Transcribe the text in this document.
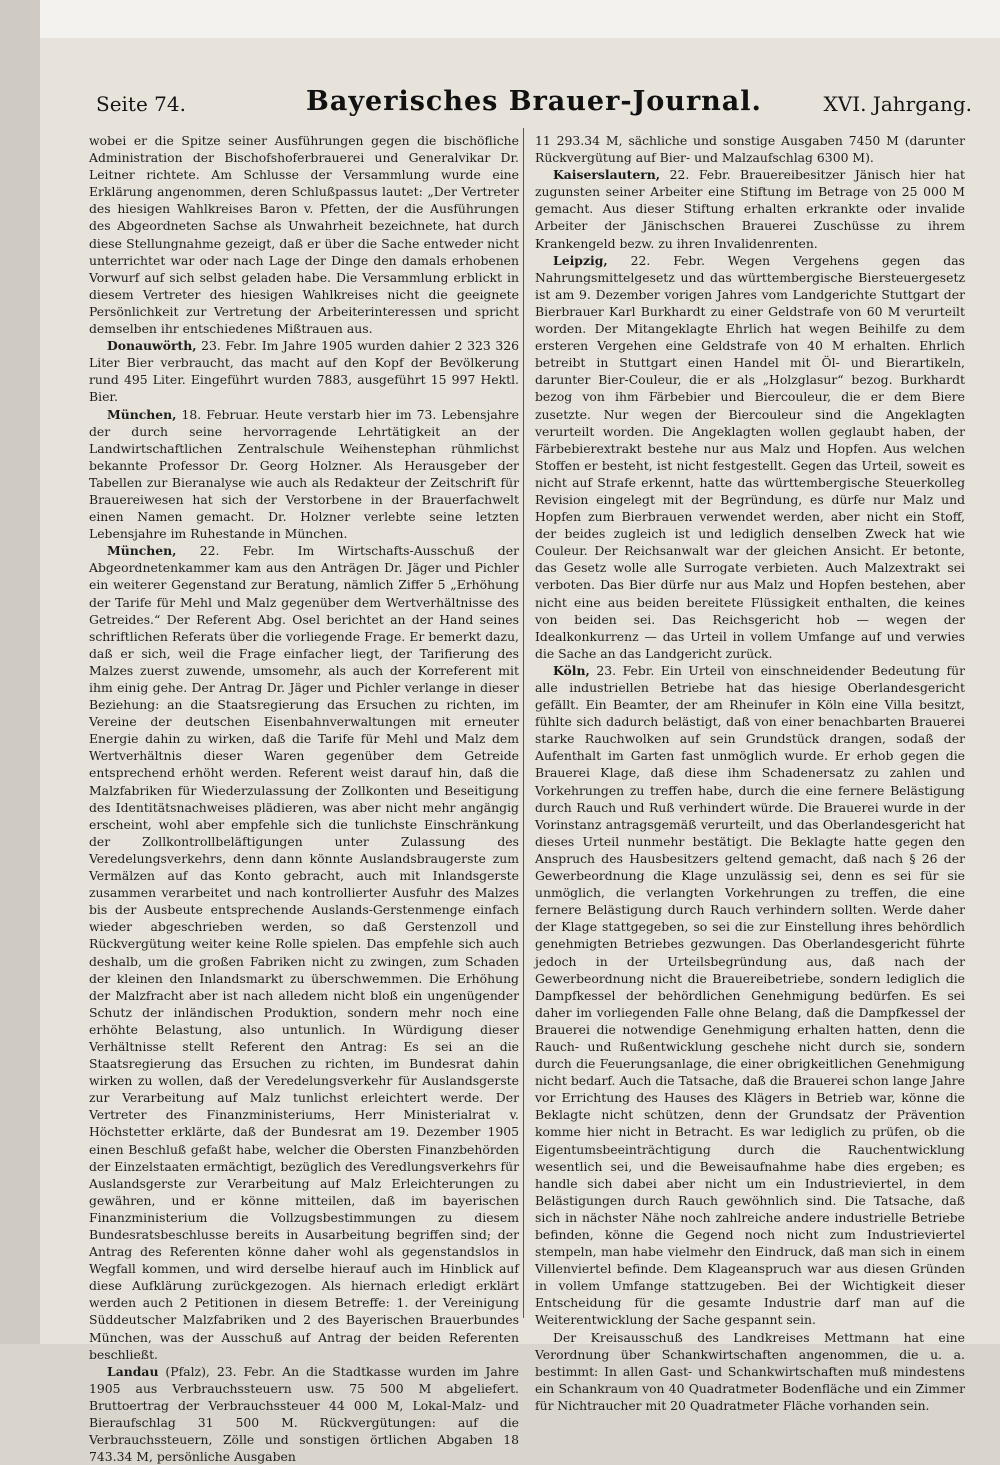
Seite 74.	Bayerisches Brauer-Journal.	XVI. Jahrgang.

wobei er die Spitze seiner Ausführungen gegen die bischöfliche Administration der Bischofshoferbrauerei und Generalvikar Dr. Leitner richtete. Am Schlusse der Versammlung wurde eine Erklärung angenommen, deren Schlußpassus lautet: „Der Vertreter des hiesigen Wahlkreises Baron v. Pfetten, der die Ausführungen des Abgeordneten Sachse als Unwahrheit bezeichnete, hat durch diese Stellungnahme gezeigt, daß er über die Sache entweder nicht unterrichtet war oder nach Lage der Dinge den damals erhobenen Vorwurf auf sich selbst geladen habe. Die Versammlung erblickt in diesem Vertreter des hiesigen Wahlkreises nicht die geeignete Persönlichkeit zur Vertretung der Arbeiterinteressen und spricht demselben ihr entschiedenes Mißtrauen aus.

Donauwörth, 23. Febr. Im Jahre 1905 wurden dahier 2 323 326 Liter Bier verbraucht, das macht auf den Kopf der Bevölkerung rund 495 Liter. Eingeführt wurden 7883, ausgeführt 15 997 Hektl. Bier.

München, 18. Februar. Heute verstarb hier im 73. Lebensjahre der durch seine hervorragende Lehrtätigkeit an der Landwirtschaftlichen Zentralschule Weihenstephan rühmlichst bekannte Professor Dr. Georg Holzner. Als Herausgeber der Tabellen zur Bieranalyse wie auch als Redakteur der Zeitschrift für Brauereiwesen hat sich der Verstorbene in der Brauerfachwelt einen Namen gemacht. Dr. Holzner verlebte seine letzten Lebensjahre im Ruhestande in München.

München, 22. Febr. Im Wirtschafts-Ausschuß der Abgeordnetenkammer kam aus den Anträgen Dr. Jäger und Pichler ein weiterer Gegenstand zur Beratung, nämlich Ziffer 5 „Erhöhung der Tarife für Mehl und Malz gegenüber dem Wertverhältnisse des Getreides.“ Der Referent Abg. Osel berichtet an der Hand seines schriftlichen Referats über die vorliegende Frage. Er bemerkt dazu, daß er sich, weil die Frage einfacher liegt, der Tarifierung des Malzes zuerst zuwende, umsomehr, als auch der Korreferent mit ihm einig gehe. Der Antrag Dr. Jäger und Pichler verlange in dieser Beziehung: an die Staatsregierung das Ersuchen zu richten, im Vereine der deutschen Eisenbahnverwaltungen mit erneuter Energie dahin zu wirken, daß die Tarife für Mehl und Malz dem Wertverhältnis dieser Waren gegenüber dem Getreide entsprechend erhöht werden. Referent weist darauf hin, daß die Malzfabriken für Wiederzulassung der Zollkonten und Beseitigung des Identitätsnachweises plädieren, was aber nicht mehr angängig erscheint, wohl aber empfehle sich die tunlichste Einschränkung der Zollkontrollbeläftigungen unter Zulassung des Veredelungsverkehrs, denn dann könnte Auslandsbraugerste zum Vermälzen auf das Konto gebracht, auch mit Inlandsgerste zusammen verarbeitet und nach kontrollierter Ausfuhr des Malzes bis der Ausbeute entsprechende Auslands-Gerstenmenge einfach wieder abgeschrieben werden, so daß Gerstenzoll und Rückvergütung weiter keine Rolle spielen. Das empfehle sich auch deshalb, um die großen Fabriken nicht zu zwingen, zum Schaden der kleinen den Inlandsmarkt zu überschwemmen. Die Erhöhung der Malzfracht aber ist nach alledem nicht bloß ein ungenügender Schutz der inländischen Produktion, sondern mehr noch eine erhöhte Belastung, also untunlich. In Würdigung dieser Verhältnisse stellt Referent den Antrag: Es sei an die Staatsregierung das Ersuchen zu richten, im Bundesrat dahin wirken zu wollen, daß der Veredelungsverkehr für Auslandsgerste zur Verarbeitung auf Malz tunlichst erleichtert werde. Der Vertreter des Finanzministeriums, Herr Ministerialrat v. Höchstetter erklärte, daß der Bundesrat am 19. Dezember 1905 einen Beschluß gefaßt habe, welcher die Obersten Finanzbehörden der Einzelstaaten ermächtigt, bezüglich des Veredlungsverkehrs für Auslandsgerste zur Verarbeitung auf Malz Erleichterungen zu gewähren, und er könne mitteilen, daß im bayerischen Finanzministerium die Vollzugsbestimmungen zu diesem Bundesratsbeschlusse bereits in Ausarbeitung begriffen sind; der Antrag des Referenten könne daher wohl als gegenstandslos in Wegfall kommen, und wird derselbe hierauf auch im Hinblick auf diese Aufklärung zurückgezogen. Als hiernach erledigt erklärt werden auch 2 Petitionen in diesem Betreffe: 1. der Vereinigung Süddeutscher Malzfabriken und 2 des Bayerischen Brauerbundes München, was der Ausschuß auf Antrag der beiden Referenten beschließt.

Landau (Pfalz), 23. Febr. An die Stadtkasse wurden im Jahre 1905 aus Verbrauchssteuern usw. 75 500 M abgeliefert. Bruttoertrag der Verbrauchssteuer 44 000 M, Lokal-Malz- und Bieraufschlag 31 500 M. Rückvergütungen: auf die Verbrauchssteuern, Zölle und sonstigen örtlichen Abgaben 18 743.34 M, persönliche Ausgaben

11 293.34 M, sächliche und sonstige Ausgaben 7450 M (darunter Rückvergütung auf Bier- und Malzaufschlag 6300 M).

Kaiserslautern, 22. Febr. Brauereibesitzer Jänisch hier hat zugunsten seiner Arbeiter eine Stiftung im Betrage von 25 000 M gemacht. Aus dieser Stiftung erhalten erkrankte oder invalide Arbeiter der Jänischschen Brauerei Zuschüsse zu ihrem Krankengeld bezw. zu ihren Invalidenrenten.

Leipzig, 22. Febr. Wegen Vergehens gegen das Nahrungsmittelgesetz und das württembergische Biersteuergesetz ist am 9. Dezember vorigen Jahres vom Landgerichte Stuttgart der Bierbrauer Karl Burkhardt zu einer Geldstrafe von 60 M verurteilt worden. Der Mitangeklagte Ehrlich hat wegen Beihilfe zu dem ersteren Vergehen eine Geldstrafe von 40 M erhalten. Ehrlich betreibt in Stuttgart einen Handel mit Öl- und Bierartikeln, darunter Bier-Couleur, die er als „Holzglasur“ bezog. Burkhardt bezog von ihm Färbebier und Biercouleur, die er dem Biere zusetzte. Nur wegen der Biercouleur sind die Angeklagten verurteilt worden. Die Angeklagten wollen geglaubt haben, der Färbebierextrakt bestehe nur aus Malz und Hopfen. Aus welchen Stoffen er besteht, ist nicht festgestellt. Gegen das Urteil, soweit es nicht auf Strafe erkennt, hatte das württembergische Steuerkolleg Revision eingelegt mit der Begründung, es dürfe nur Malz und Hopfen zum Bierbrauen verwendet werden, aber nicht ein Stoff, der beides zugleich ist und lediglich denselben Zweck hat wie Couleur. Der Reichsanwalt war der gleichen Ansicht. Er betonte, das Gesetz wolle alle Surrogate verbieten. Auch Malzextrakt sei verboten. Das Bier dürfe nur aus Malz und Hopfen bestehen, aber nicht eine aus beiden bereitete Flüssigkeit enthalten, die keines von beiden sei. Das Reichsgericht hob — wegen der Idealkonkurrenz — das Urteil in vollem Umfange auf und verwies die Sache an das Landgericht zurück.

Köln, 23. Febr. Ein Urteil von einschneidender Bedeutung für alle industriellen Betriebe hat das hiesige Oberlandesgericht gefällt. Ein Beamter, der am Rheinufer in Köln eine Villa besitzt, fühlte sich dadurch belästigt, daß von einer benachbarten Brauerei starke Rauchwolken auf sein Grundstück drangen, sodaß der Aufenthalt im Garten fast unmöglich wurde. Er erhob gegen die Brauerei Klage, daß diese ihm Schadenersatz zu zahlen und Vorkehrungen zu treffen habe, durch die eine fernere Belästigung durch Rauch und Ruß verhindert würde. Die Brauerei wurde in der Vorinstanz antragsgemäß verurteilt, und das Oberlandesgericht hat dieses Urteil nunmehr bestätigt. Die Beklagte hatte gegen den Anspruch des Hausbesitzers geltend gemacht, daß nach § 26 der Gewerbeordnung die Klage unzulässig sei, denn es sei für sie unmöglich, die verlangten Vorkehrungen zu treffen, die eine fernere Belästigung durch Rauch verhindern sollten. Werde daher der Klage stattgegeben, so sei die zur Einstellung ihres behördlich genehmigten Betriebes gezwungen. Das Oberlandesgericht führte jedoch in der Urteilsbegründung aus, daß nach der Gewerbeordnung nicht die Brauereibetriebe, sondern lediglich die Dampfkessel der behördlichen Genehmigung bedürfen. Es sei daher im vorliegenden Falle ohne Belang, daß die Dampfkessel der Brauerei die notwendige Genehmigung erhalten hatten, denn die Rauch- und Rußentwicklung geschehe nicht durch sie, sondern durch die Feuerungsanlage, die einer obrigkeitlichen Genehmigung nicht bedarf. Auch die Tatsache, daß die Brauerei schon lange Jahre vor Errichtung des Hauses des Klägers in Betrieb war, könne die Beklagte nicht schützen, denn der Grundsatz der Prävention komme hier nicht in Betracht. Es war lediglich zu prüfen, ob die Eigentumsbeeinträchtigung durch die Rauchentwicklung wesentlich sei, und die Beweisaufnahme habe dies ergeben; es handle sich dabei aber nicht um ein Industrieviertel, in dem Belästigungen durch Rauch gewöhnlich sind. Die Tatsache, daß sich in nächster Nähe noch zahlreiche andere industrielle Betriebe befinden, könne die Gegend noch nicht zum Industrieviertel stempeln, man habe vielmehr den Eindruck, daß man sich in einem Villenviertel befinde. Dem Klageanspruch war aus diesen Gründen in vollem Umfange stattzugeben. Bei der Wichtigkeit dieser Entscheidung für die gesamte Industrie darf man auf die Weiterentwicklung der Sache gespannt sein.

Der Kreisausschuß des Landkreises Mettmann hat eine Verordnung über Schankwirtschaften angenommen, die u. a. bestimmt: In allen Gast- und Schankwirtschaften muß mindestens ein Schankraum von 40 Quadratmeter Bodenfläche und ein Zimmer für Nichtraucher mit 20 Quadratmeter Fläche vorhanden sein.
